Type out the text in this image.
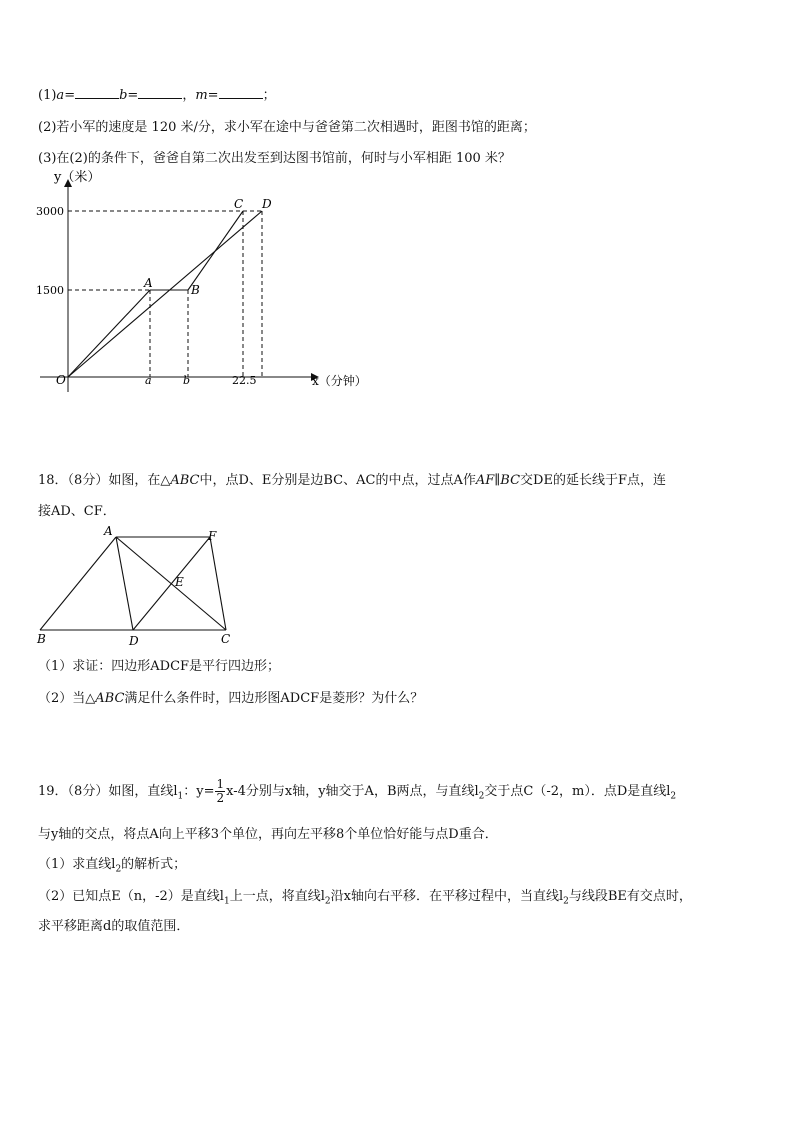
(1)a=	b=	，m=	；
(2)若小军的速度是 120 米/分，求小军在途中与爸爸第二次相遇时，距图书馆的距离；
(3)在(2)的条件下，爸爸自第二次出发至到达图书馆前，何时与小军相距 100 米？
y（米）
x（分钟）
O
3000
1500
a	b	22.5
A	B
C D
18．（8分）如图，在△ABC中，点D、E分别是边BC、AC的中点，过点A作AF∥BC交DE的延长线于F点，连
接AD、CF．
A	F
E
B	D	C
（1）求证：四边形ADCF是平行四边形；
（2）当△ABC满足什么条件时，四边形图ADCF是菱形？为什么？
19．（8分）如图，直线$l_1$：$y= \frac{1}{2} x-4$分别与x轴，y轴交于A，B两点，与直线$l_2$交于点C（-2，m）．点D是直线$l_2$
与y轴的交点，将点A向上平移3个单位，再向左平移8个单位恰好能与点D重合．
（1）求直线$l_2$的解析式；
（2）已知点E（n，-2）是直线$l_1$上一点，将直线$l_2$沿x轴向右平移．在平移过程中，当直线$l_2$与线段BE有交点时，
求平移距离d的取值范围．
